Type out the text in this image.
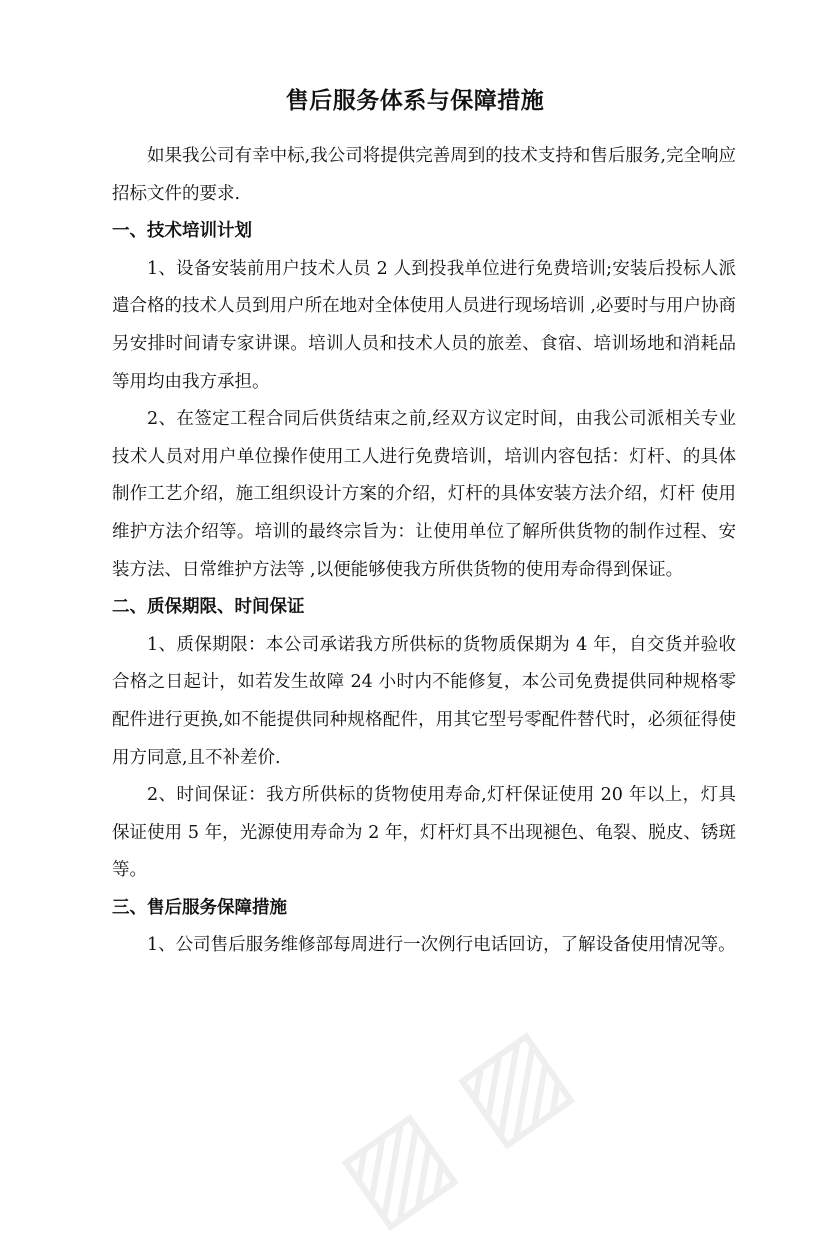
▨ ▨
售后服务体系与保障措施

如果我公司有幸中标,我公司将提供完善周到的技术支持和售后服务,完全响应招标文件的要求.

一、技术培训计划

1、设备安装前用户技术人员 2 人到投我单位进行免费培训;安装后投标人派遣合格的技术人员到用户所在地对全体使用人员进行现场培训 ,必要时与用户协商另安排时间请专家讲课。培训人员和技术人员的旅差、食宿、培训场地和消耗品等用均由我方承担。

2、在签定工程合同后供货结束之前,经双方议定时间，由我公司派相关专业技术人员对用户单位操作使用工人进行免费培训，培训内容包括：灯杆、的具体制作工艺介绍，施工组织设计方案的介绍，灯杆的具体安装方法介绍，灯杆 使用维护方法介绍等。培训的最终宗旨为：让使用单位了解所供货物的制作过程、安装方法、日常维护方法等 ,以便能够使我方所供货物的使用寿命得到保证。

二、质保期限、时间保证

1、质保期限：本公司承诺我方所供标的货物质保期为 4 年，自交货并验收合格之日起计，如若发生故障 24 小时内不能修复，本公司免费提供同种规格零配件进行更换,如不能提供同种规格配件，用其它型号零配件替代时，必须征得使用方同意,且不补差价.

2、时间保证：我方所供标的货物使用寿命,灯杆保证使用 20 年以上，灯具保证使用 5 年，光源使用寿命为 2 年，灯杆灯具不出现褪色、龟裂、脱皮、锈斑等。

三、售后服务保障措施

1、公司售后服务维修部每周进行一次例行电话回访，了解设备使用情况等。
